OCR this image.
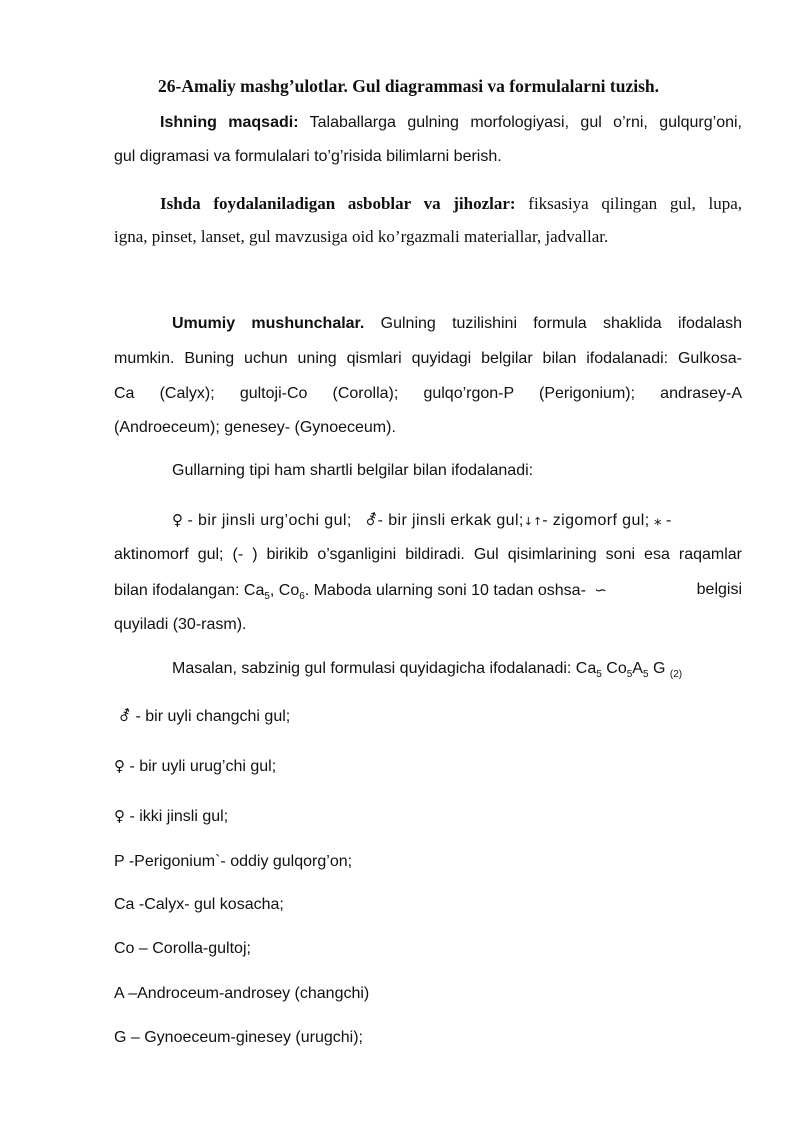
26-Amaliy mashg’ulotlar. Gul diagrammasi va formulalarni tuzish.
Ishning maqsadi: Talaballarga gulning morfologiyasi, gul o’rni, gulqurg’oni,
gul digramasi va formulalari to’g’risida bilimlarni berish.
Ishda foydalaniladigan asboblar va jihozlar: fiksasiya qilingan gul, lupa,
igna, pinset, lanset, gul mavzusiga oid ko’rgazmali materiallar, jadvallar.
Umumiy mushunchalar. Gulning tuzilishini formula shaklida ifodalash
mumkin. Buning uchun uning qismlari quyidagi belgilar bilan ifodalanadi: Gulkosa-
Ca (Calyx); gultoji-Co (Corolla); gulqo’rgon-P (Perigonium); andrasey-A
(Androeceum); genesey- (Gynoeceum).
Gullarning tipi ham shartli belgilar bilan ifodalanadi:
♀ - bir jinsli urg’ochi gul; ⚦- bir jinsli erkak gul;↓↑- zigomorf gul; ⁎ -
aktinomorf gul; (- ) birikib o’sganligini bildiradi. Gul qisimlarining soni esa raqamlar
bilan ifodalangan: $Ca_5$, $Co_6$. Maboda ularning soni 10 tadan oshsa- ∽	belgisi
quyiladi (30-rasm).
Masalan, sabzinig gul formulasi quyidagicha ifodalanadi: $Ca_5$ $Co_5A_5$ G $_{(2)}$
⚦ - bir uyli changchi gul;
♀ - bir uyli urug’chi gul;
♀ - ikki jinsli gul;
P -Perigonium`- oddiy gulqorg’on;
Ca -Calyx- gul kosacha;
Co – Corolla-gultoj;
A –Androceum-androsey (changchi)
G – Gynoeceum-ginesey (urugchi);
